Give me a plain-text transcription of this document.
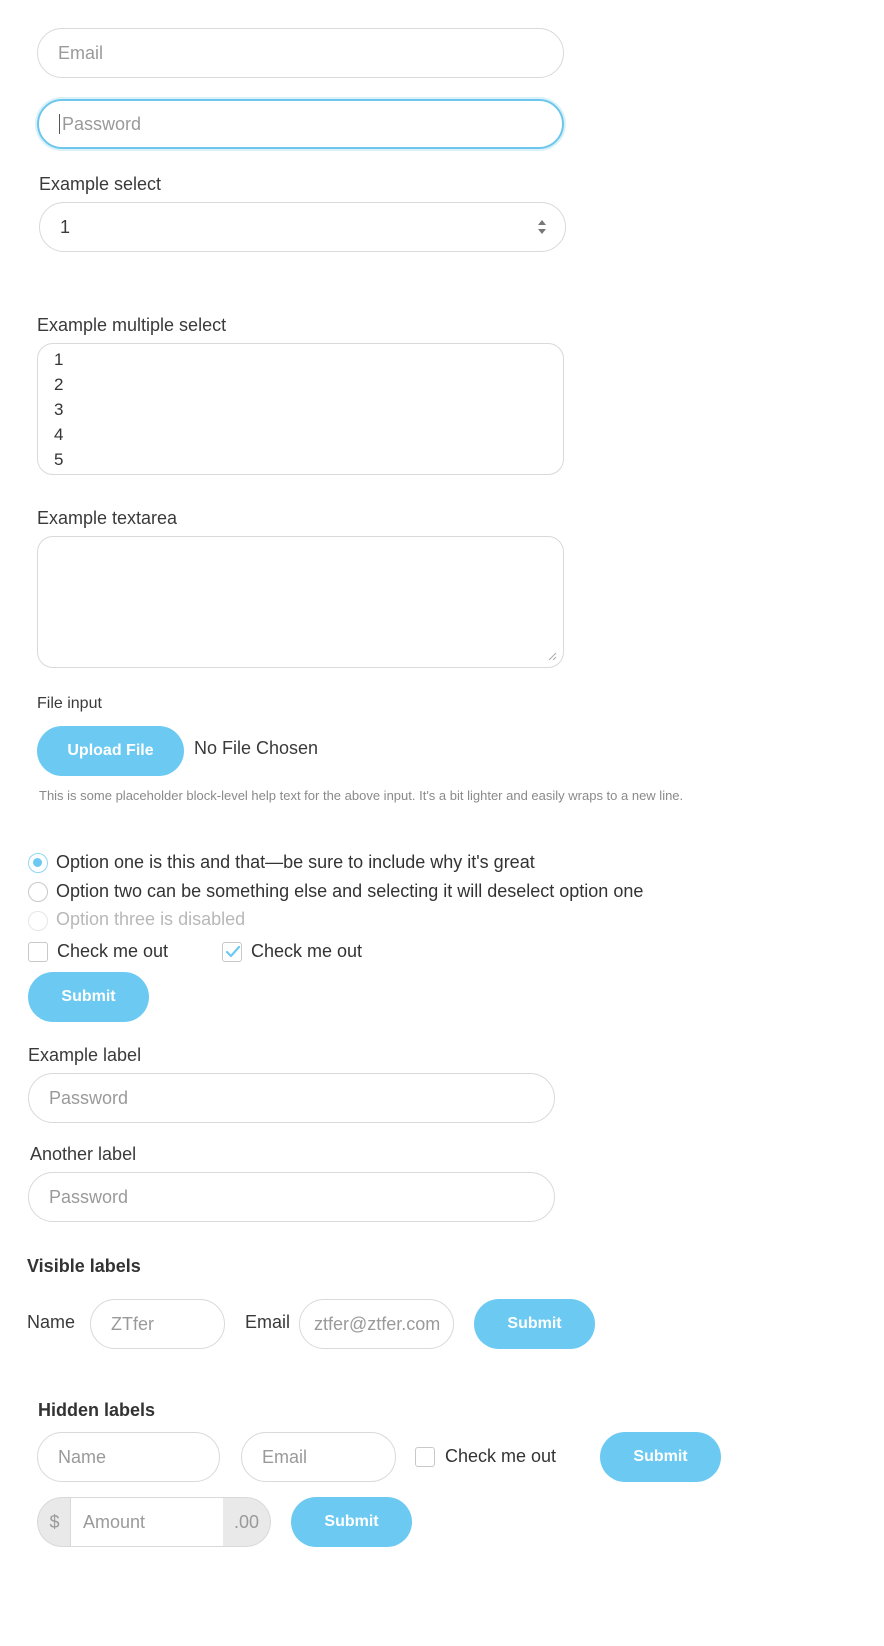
Email
Password
Example select
1
Example multiple select
1
2
3
4
5
Example textarea
File input
Upload File	No File Chosen
This is some placeholder block-level help text for the above input. It's a bit lighter and easily wraps to a new line.
Option one is this and that—be sure to include why it's great
Option two can be something else and selecting it will deselect option one
Option three is disabled
Check me out	Check me out
Submit
Example label
Password
Another label
Password
Visible labels
Name ZTfer	Email ztfer@ztfer.com	Submit
Hidden labels
Name	Email	Check me out	Submit
$	Amount	.00	Submit
